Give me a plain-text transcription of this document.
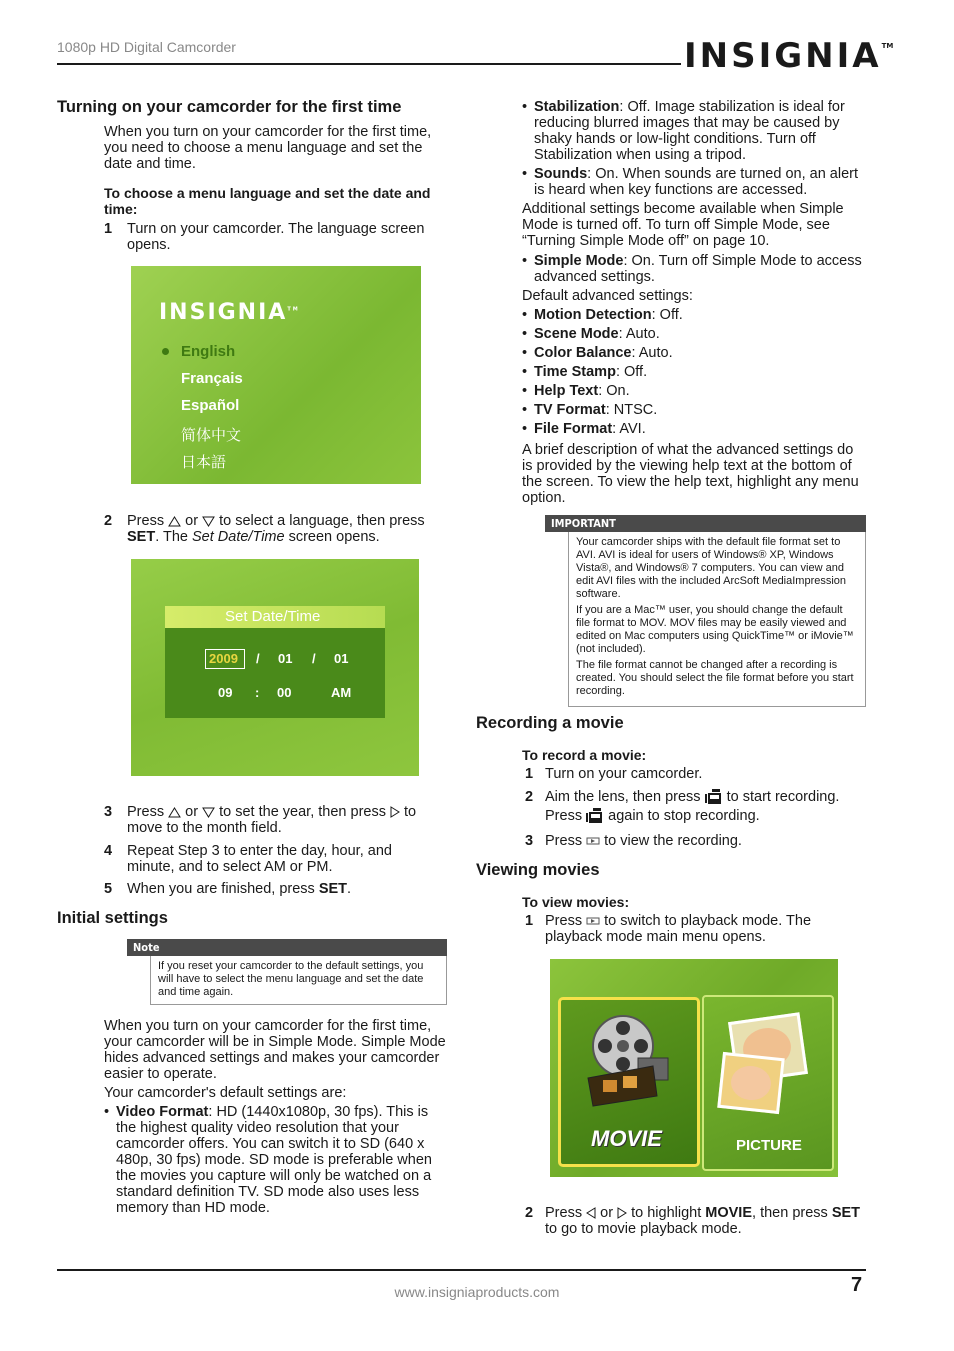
1080p HD Digital Camcorder	INSIGNIA™
Turning on your camcorder for the first time
When you turn on your camcorder for the first time, you need to choose a menu language and set the date and time.
To choose a menu language and set the date and time:
1 Turn on your camcorder. The language screen opens.
INSIGNIA™
English
Français
Español
简体中文
日本語
2 Press or to select a language, then press SET. The Set Date/Time screen opens.
Set Date/Time
2009 / 01 / 01
09 : 00	AM
3 Press or to set the year, then press to move to the month field.
4 Repeat Step 3 to enter the day, hour, and minute, and to select AM or PM.
5 When you are finished, press SET.
Initial settings
Note
If you reset your camcorder to the default settings, you will have to select the menu language and set the date and time again.
When you turn on your camcorder for the first time, your camcorder will be in Simple Mode. Simple Mode hides advanced settings and makes your camcorder easier to operate.
Your camcorder's default settings are:
• Video Format: HD (1440x1080p, 30 fps). This is the highest quality video resolution that your camcorder offers. You can switch it to SD (640 x 480p, 30 fps) mode. SD mode is preferable when the movies you capture will only be watched on a standard definition TV. SD mode also uses less memory than HD mode.
• Stabilization: Off. Image stabilization is ideal for reducing blurred images that may be caused by shaky hands or low-light conditions. Turn off Stabilization when using a tripod.
• Sounds: On. When sounds are turned on, an alert is heard when key functions are accessed.
Additional settings become available when Simple Mode is turned off. To turn off Simple Mode, see “Turning Simple Mode off” on page 10.
• Simple Mode: On. Turn off Simple Mode to access advanced settings.
Default advanced settings:
• Motion Detection: Off.
• Scene Mode: Auto.
• Color Balance: Auto.
• Time Stamp: Off.
• Help Text: On.
• TV Format: NTSC.
• File Format: AVI.
A brief description of what the advanced settings do is provided by the viewing help text at the bottom of the screen. To view the help text, highlight any menu option.
IMPORTANT

Your camcorder ships with the default file format set to AVI. AVI is ideal for users of Windows® XP, Windows Vista®, and Windows® 7 computers. You can view and edit AVI files with the included ArcSoft MediaImpression software.

If you are a Mac™ user, you should change the default file format to MOV. MOV files may be easily viewed and edited on Mac computers using QuickTime™ or iMovie™ (not included).

The file format cannot be changed after a recording is created. You should select the file format before you start recording.

Recording a movie
To record a movie:
1 Turn on your camcorder.
2 Aim the lens, then press to start recording.
Press again to stop recording.
3 Press to view the recording.
Viewing movies
To view movies:
1 Press to switch to playback mode. The playback mode main menu opens.
MOVIE	PICTURE
2 Press or to highlight MOVIE, then press SET to go to movie playback mode.
www.insigniaproducts.com	7
